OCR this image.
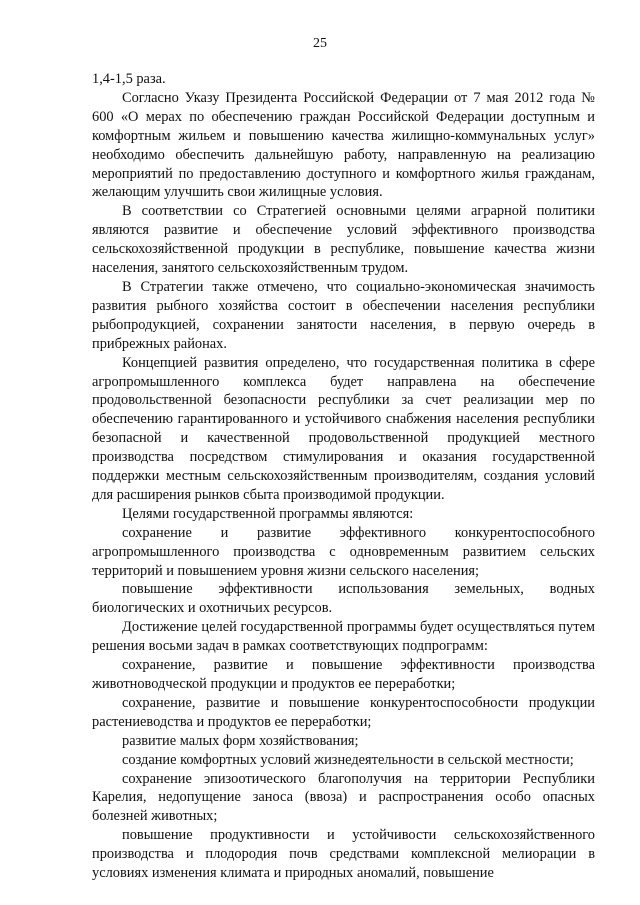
25

1,4-1,5 раза.

Согласно Указу Президента Российской Федерации от 7 мая 2012 года № 600 «О мерах по обеспечению граждан Российской Федерации доступным и комфортным жильем и повышению качества жилищно-коммунальных услуг» необходимо обеспечить дальнейшую работу, направленную на реализацию мероприятий по предоставлению доступного и комфортного жилья гражданам, желающим улучшить свои жилищные условия.

В соответствии со Стратегией основными целями аграрной политики являются развитие и обеспечение условий эффективного производства сельскохозяйственной продукции в республике, повышение качества жизни населения, занятого сельскохозяйственным трудом.

В Стратегии также отмечено, что социально-экономическая значимость развития рыбного хозяйства состоит в обеспечении населения республики рыбопродукцией, сохранении занятости населения, в первую очередь в прибрежных районах.

Концепцией развития определено, что государственная политика в сфере агропромышленного комплекса будет направлена на обеспечение продовольственной безопасности республики за счет реализации мер по обеспечению гарантированного и устойчивого снабжения населения республики безопасной и качественной продовольственной продукцией местного производства посредством стимулирования и оказания государственной поддержки местным сельскохозяйственным производителям, создания условий для расширения рынков сбыта производимой продукции.

Целями государственной программы являются:

сохранение и развитие эффективного конкурентоспособного агропромышленного производства с одновременным развитием сельских территорий и повышением уровня жизни сельского населения;

повышение эффективности использования земельных, водных биологических и охотничьих ресурсов.

Достижение целей государственной программы будет осуществляться путем решения восьми задач в рамках соответствующих подпрограмм:

сохранение, развитие и повышение эффективности производства животноводческой продукции и продуктов ее переработки;

сохранение, развитие и повышение конкурентоспособности продукции растениеводства и продуктов ее переработки;

развитие малых форм хозяйствования;

создание комфортных условий жизнедеятельности в сельской местности;

сохранение эпизоотического благополучия на территории Республики Карелия, недопущение заноса (ввоза) и распространения особо опасных болезней животных;

повышение продуктивности и устойчивости сельскохозяйственного производства и плодородия почв средствами комплексной мелиорации в условиях изменения климата и природных аномалий, повышение
